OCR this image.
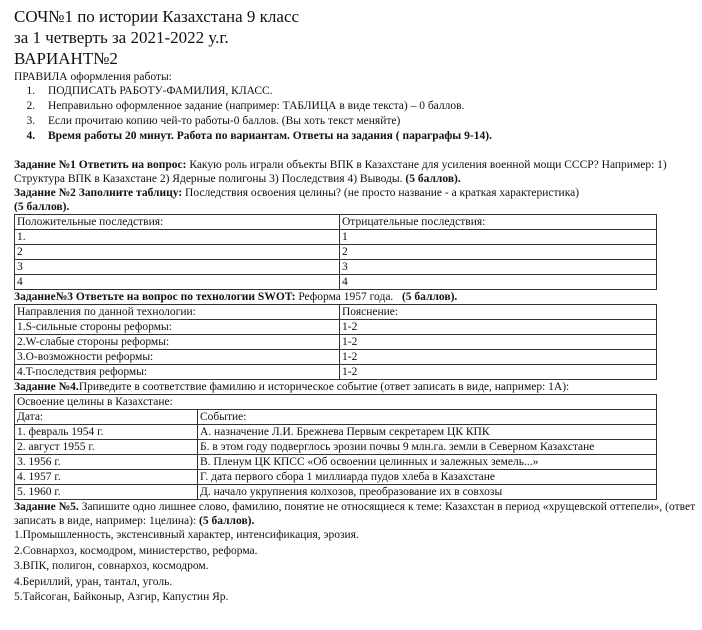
СОЧ№1 по истории Казахстана 9 класс
за 1 четверть за 2021-2022 у.г.
ВАРИАНТ№2
ПРАВИЛА оформления работы:
1. ПОДПИСАТЬ РАБОТУ-ФАМИЛИЯ, КЛАСС.
2. Неправильно оформленное задание (например: ТАБЛИЦА в виде текста) – 0 баллов.
3. Если прочитаю копию чей-то работы-0 баллов. (Вы хоть текст меняйте)
4. Время работы 20 минут. Работа по вариантам. Ответы на задания ( параграфы 9-14).
Задание №1 Ответить на вопрос: Какую роль играли объекты ВПК в Казахстане для усиления военной мощи СССР? Например: 1) Структура ВПК в Казахстане 2) Ядерные полигоны 3) Последствия 4) Выводы. (5 баллов).
Задание №2 Заполните таблицу: Последствия освоения целины? (не просто название - а краткая характеристика)
(5 баллов).
Положительные последствия:	Отрицательные последствия:
1.	1
2	2
3	3
4	4
Задание№3 Ответьте на вопрос по технологии SWOT: Реформа 1957 года. (5 баллов).
Направления по данной технологии:	Пояснение:
1.S-сильные стороны реформы:	1-2
2.W-слабые стороны реформы:	1-2
3.O-возможности реформы:	1-2
4.T-последствия реформы:	1-2
Задание №4.Приведите в соответствие фамилию и историческое событие (ответ записать в виде, например: 1А):
Освоение целины в Казахстане:	
Дата:	Событие:
1. февраль 1954 г.	А. назначение Л.И. Брежнева Первым секретарем ЦК КПК
2. август 1955 г.	Б. в этом году подверглось эрозии почвы 9 млн.га. земли в Северном Казахстане
3. 1956 г.	В. Пленум ЦК КПСС «Об освоении целинных и залежных земель...»
4. 1957 г.	Г. дата первого сбора 1 миллиарда пудов хлеба в Казахстане
5. 1960 г.	Д. начало укрупнения колхозов, преобразование их в совхозы
Задание №5. Запишите одно лишнее слово, фамилию, понятие не относящиеся к теме: Казахстан в период «хрущевской оттепели», (ответ записать в виде, например: 1целина): (5 баллов).
1.Промышленность, экстенсивный характер, интенсификация, эрозия.
2.Совнархоз, космодром, министерство, реформа.
3.ВПК, полигон, совнархоз, космодром.
4.Бериллий, уран, тантал, уголь.
5.Тайсоган, Байконыр, Азгир, Капустин Яр.
